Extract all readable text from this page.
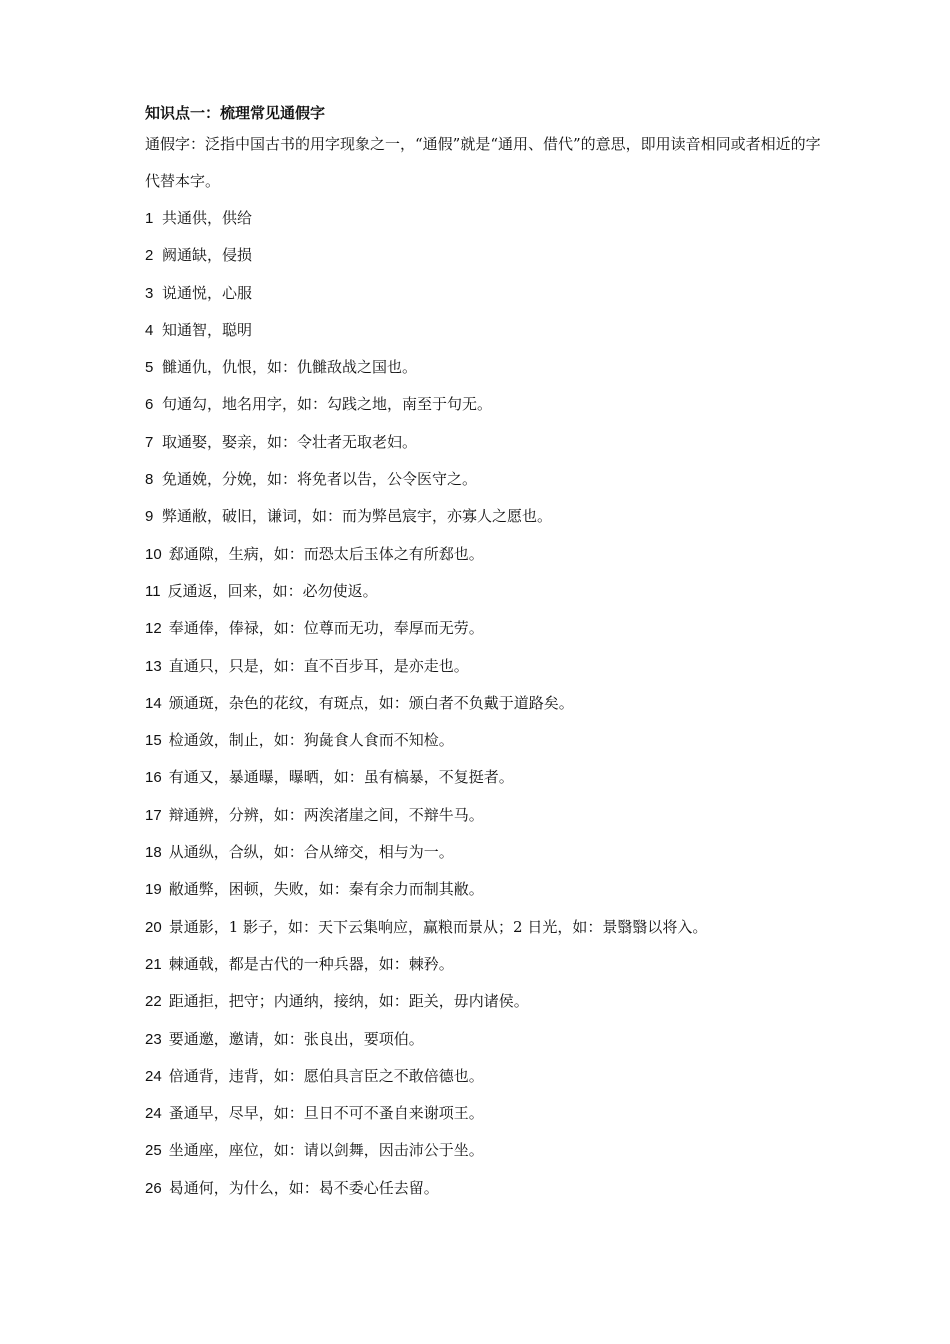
知识点一：梳理常见通假字

通假字：泛指中国古书的用字现象之一，“通假”就是“通用、借代”的意思，即用读音相同或者相近的字代替本字。

1 共通供，供给
2 阙通缺，侵损
3 说通悦，心服
4 知通智，聪明
5 雠通仇，仇恨，如：仇雠敌战之国也。
6 句通勾，地名用字，如：勾践之地，南至于句无。
7 取通娶，娶亲，如：令壮者无取老妇。
8 免通娩，分娩，如：将免者以告，公令医守之。
9 弊通敝，破旧，谦词，如：而为弊邑宸宇，亦寡人之愿也。
10 郄通隙，生病，如：而恐太后玉体之有所郄也。
11 反通返，回来，如：必勿使返。
12 奉通俸，俸禄，如：位尊而无功，奉厚而无劳。
13 直通只，只是，如：直不百步耳，是亦走也。
14 颁通斑，杂色的花纹，有斑点，如：颁白者不负戴于道路矣。
15 检通敛，制止，如：狗彘食人食而不知检。
16 有通又，暴通曝，曝晒，如：虽有槁暴，不复挺者。
17 辩通辨，分辨，如：两涘渚崖之间，不辩牛马。
18 从通纵，合纵，如：合从缔交，相与为一。
19 敝通弊，困顿，失败，如：秦有余力而制其敝。
20 景通影，1 影子，如：天下云集响应，赢粮而景从；2 日光，如：景翳翳以将入。
21 棘通戟，都是古代的一种兵器，如：棘矜。
22 距通拒，把守；内通纳，接纳，如：距关，毋内诸侯。
23 要通邀，邀请，如：张良出，要项伯。
24 倍通背，违背，如：愿伯具言臣之不敢倍德也。
24 蚤通早，尽早，如：旦日不可不蚤自来谢项王。
25 坐通座，座位，如：请以剑舞，因击沛公于坐。
26 曷通何，为什么，如：曷不委心任去留。
